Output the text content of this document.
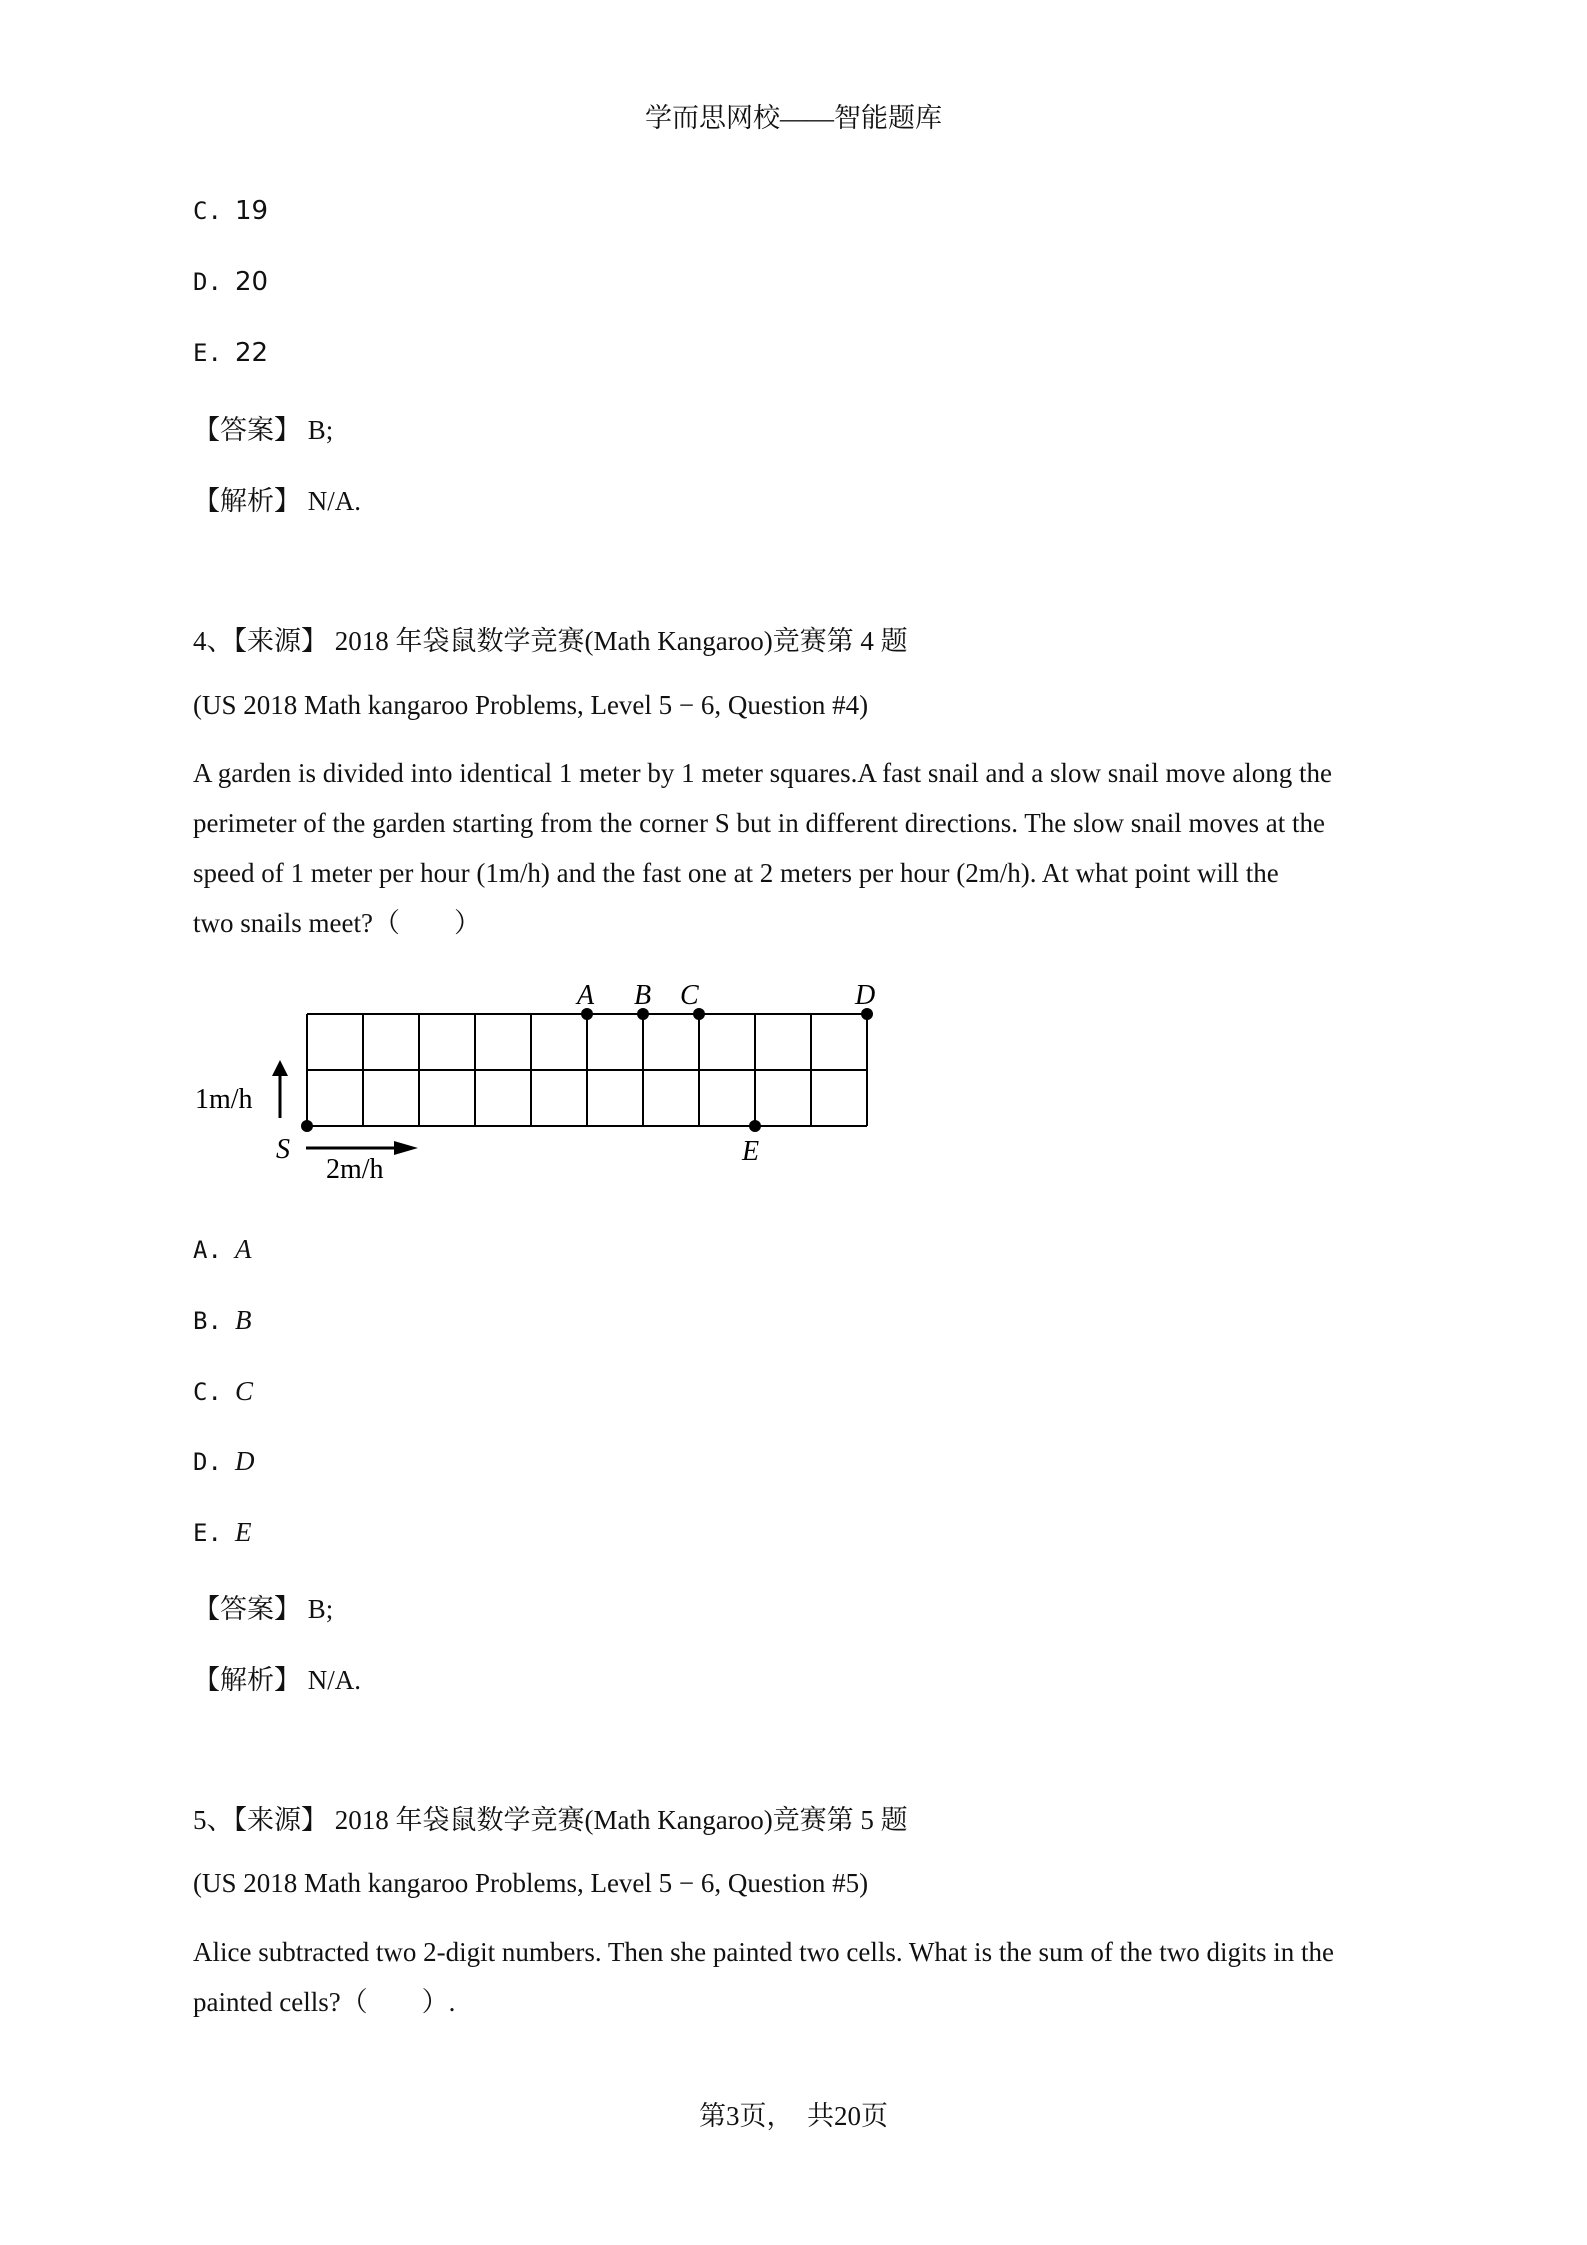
学而思网校——智能题库
C. 19
D. 20
E. 22
【答案】 B;
【解析】 N/A.
4、【来源】 2018 年袋鼠数学竞赛(Math Kangaroo)竞赛第 4 题
(US 2018 Math kangaroo Problems, Level 5 − 6, Question #4)
A garden is divided into identical 1 meter by 1 meter squares.A fast snail and a slow snail move along the
perimeter of the garden starting from the corner S but in different directions. The slow snail moves at the
speed of 1 meter per hour (1m/h) and the fast one at 2 meters per hour (2m/h). At what point will the
two snails meet?（　　）
1m/h
2m/h
S
A B C	D
E
A. A
B. B
C. C
D. D
E. E
【答案】 B;
【解析】 N/A.
5、【来源】 2018 年袋鼠数学竞赛(Math Kangaroo)竞赛第 5 题
(US 2018 Math kangaroo Problems, Level 5 − 6, Question #5)
Alice subtracted two 2-digit numbers. Then she painted two cells. What is the sum of the two digits in the
painted cells?（　　）.
第3页，　共20页
